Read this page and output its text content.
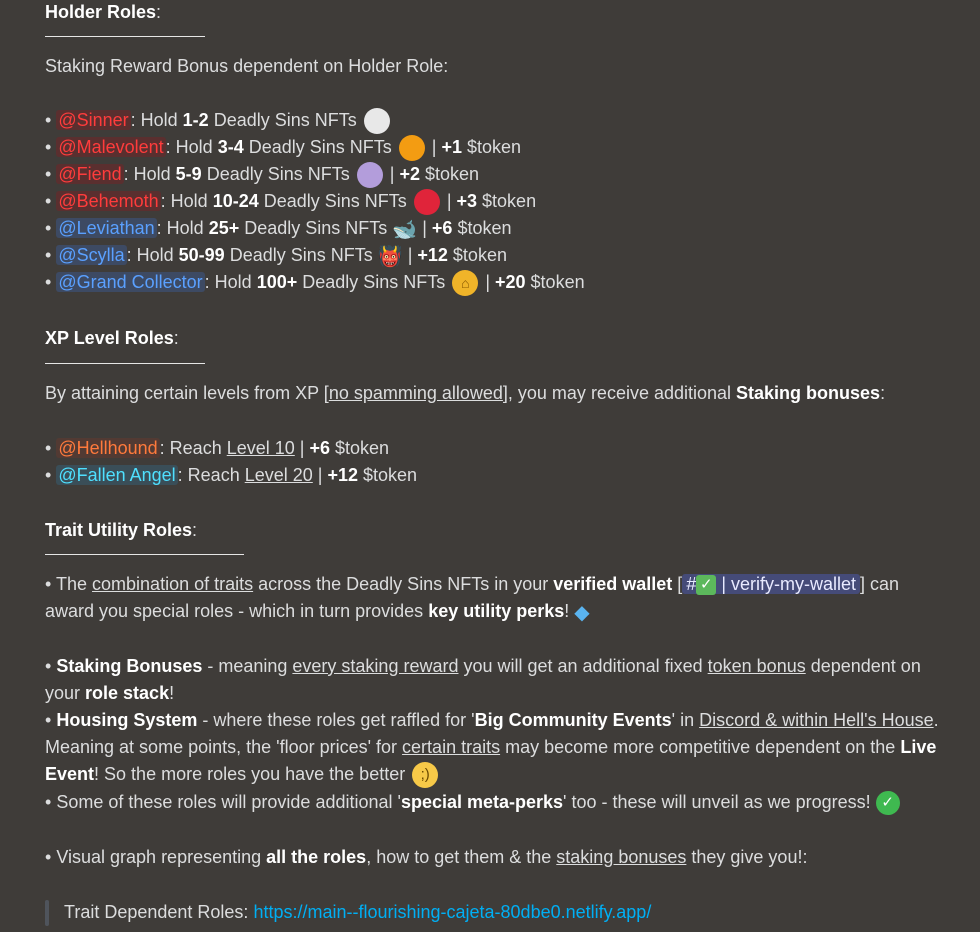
Holder Roles:
Staking Reward Bonus dependent on Holder Role:
• @Sinner : Hold 1-2 Deadly Sins NFTs
• @Malevolent : Hold 3-4 Deadly Sins NFTs  | +1 $token
• @Fiend : Hold 5-9 Deadly Sins NFTs  | +2 $token
• @Behemoth : Hold 10-24 Deadly Sins NFTs  | +3 $token
• @Leviathan : Hold 25+ Deadly Sins NFTs 🐋 | +6 $token
• @Scylla : Hold 50-99 Deadly Sins NFTs 👹 | +12 $token
• @Grand Collector : Hold 100+ Deadly Sins NFTs ⌂ | +20 $token
XP Level Roles:
By attaining certain levels from XP [no spamming allowed], you may receive additional Staking bonuses:
• @Hellhound : Reach Level 10 | +6 $token
• @Fallen Angel : Reach Level 20 | +12 $token
Trait Utility Roles:
• The combination of traits across the Deadly Sins NFTs in your verified wallet [ # ✓ | verify-my-wallet ] can
award you special roles - which in turn provides key utility perks! ◆
• Staking Bonuses - meaning every staking reward you will get an additional fixed token bonus dependent on
your role stack!
• Housing System - where these roles get raffled for 'Big Community Events' in Discord & within Hell's House.
Meaning at some points, the 'floor prices' for certain traits may become more competitive dependent on the Live
Event! So the more roles you have the better ;)
• Some of these roles will provide additional 'special meta-perks' too - these will unveil as we progress! ✓
• Visual graph representing all the roles, how to get them & the staking bonuses they give you!:
Trait Dependent Roles: https://main--flourishing-cajeta-80dbe0.netlify.app/
